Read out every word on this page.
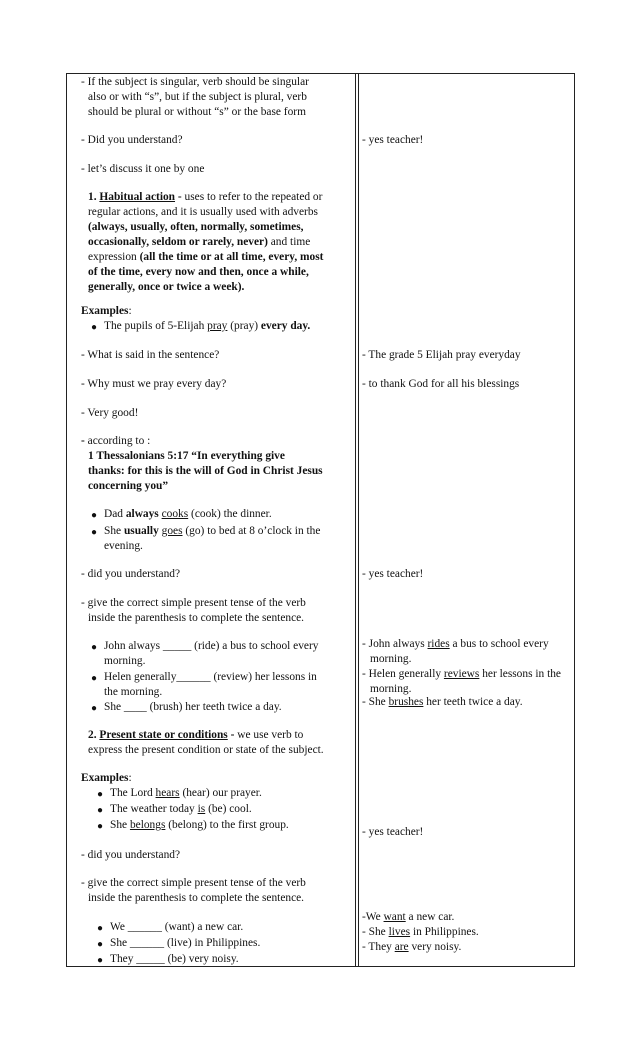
- If the subject is singular, verb should be singular
also or with “s”, but if the subject is plural, verb
should be plural or without “s” or the base form
- Did you understand?
- let’s discuss it one by one
1. Habitual action - uses to refer to the repeated or
regular actions, and it is usually used with adverbs
(always, usually, often, normally, sometimes,
occasionally, seldom or rarely, never) and time
expression (all the time or at all time, every, most
of the time, every now and then, once a while,
generally, once or twice a week).
Examples:
● The pupils of 5-Elijah pray (pray) every day.
- What is said in the sentence?
- Why must we pray every day?
- Very good!
- according to :
1 Thessalonians 5:17 “In everything give
thanks: for this is the will of God in Christ Jesus
concerning you”
● Dad always cooks (cook) the dinner.
● She usually goes (go) to bed at 8 o’clock in the
evening.
- did you understand?
- give the correct simple present tense of the verb
inside the parenthesis to complete the sentence.
● John always _____ (ride) a bus to school every
morning.
● Helen generally______ (review) her lessons in
the morning.
● She ____ (brush) her teeth twice a day.
2. Present state or conditions - we use verb to
express the present condition or state of the subject.
Examples:
● The Lord hears (hear) our prayer.
● The weather today is (be) cool.
● She belongs (belong) to the first group.
- did you understand?
- give the correct simple present tense of the verb
inside the parenthesis to complete the sentence.
● We ______ (want) a new car.
● She ______ (live) in Philippines.
● They _____ (be) very noisy.
- yes teacher!
- The grade 5 Elijah pray everyday
- to thank God for all his blessings
- yes teacher!
- John always rides a bus to school every
morning.
- Helen generally reviews her lessons in the
morning.
- She brushes her teeth twice a day.
- yes teacher!
-We want a new car.
- She lives in Philippines.
- They are very noisy.
